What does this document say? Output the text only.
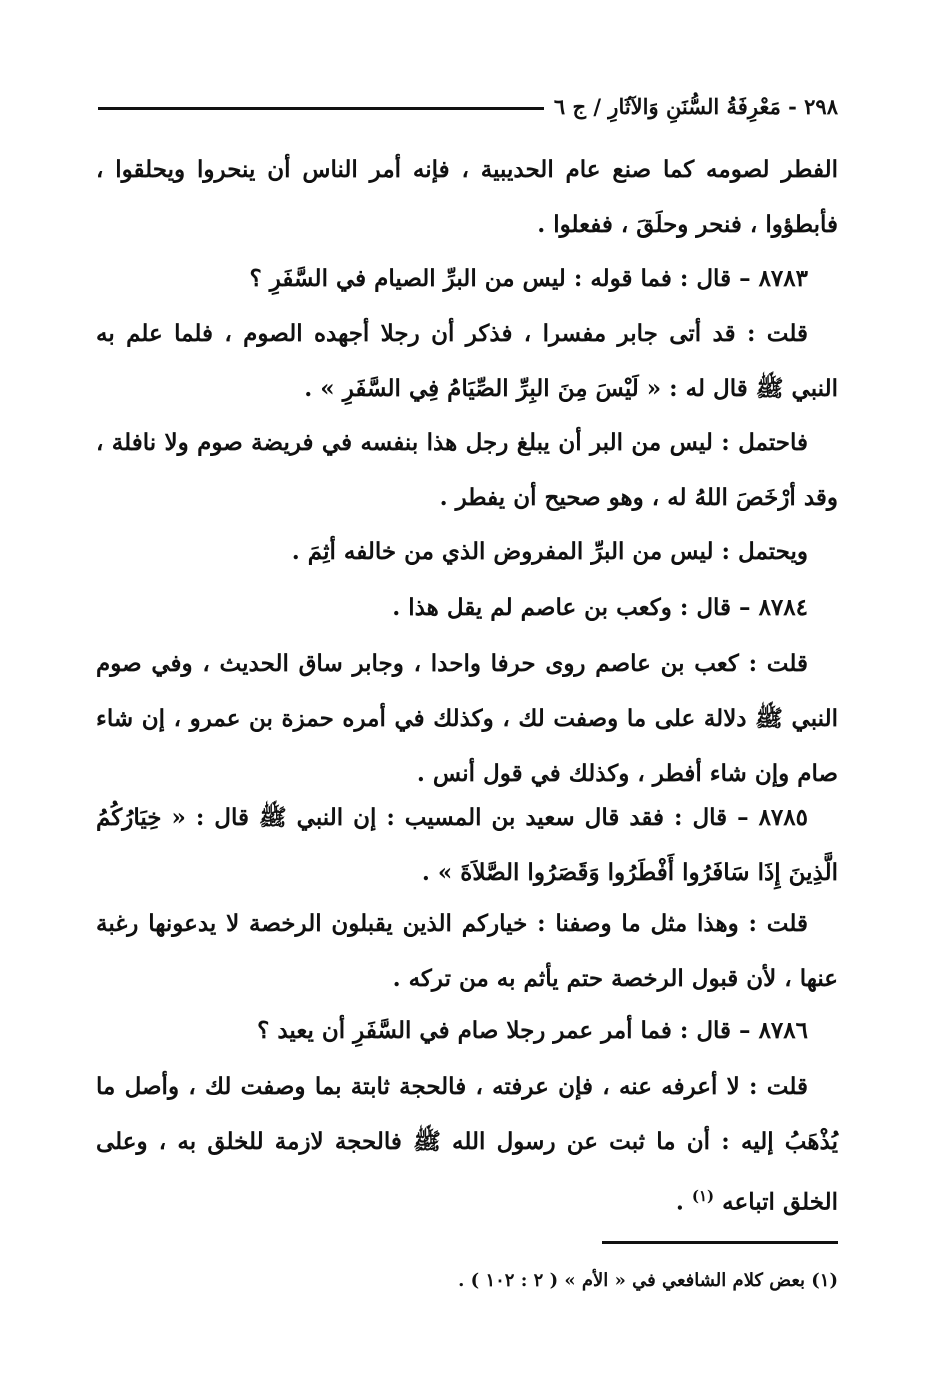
٢٩٨ - مَعْرِفَةُ السُّنَنِ وَالآثَارِ / ج ٦

الفطر لصومه كما صنع عام الحديبية ، فإنه أمر الناس أن ينحروا ويحلقوا ، فأبطؤوا ، فنحر وحلَقَ ، ففعلوا .

٨٧٨٣ – قال : فما قوله : ليس من البرِّ الصيام في السَّفَرِ ؟

قلت : قد أتى جابر مفسرا ، فذكر أن رجلا أجهده الصوم ، فلما علم به النبي ﷺ قال له : « لَيْسَ مِنَ البِرِّ الصِّيَامُ فِي السَّفَرِ » .

فاحتمل : ليس من البر أن يبلغ رجل هذا بنفسه في فريضة صوم ولا نافلة ، وقد أرْخَصَ اللهُ له ، وهو صحيح أن يفطر .

ويحتمل : ليس من البرِّ المفروض الذي من خالفه أثِمَ .

٨٧٨٤ – قال : وكعب بن عاصم لم يقل هذا .

قلت : كعب بن عاصم روى حرفا واحدا ، وجابر ساق الحديث ، وفي صوم النبي ﷺ دلالة على ما وصفت لك ، وكذلك في أمره حمزة بن عمرو ، إن شاء صام وإن شاء أفطر ، وكذلك في قول أنس .

٨٧٨٥ – قال : فقد قال سعيد بن المسيب : إن النبي ﷺ قال : « خِيَارُكُمُ الَّذِينَ إِذَا سَافَرُوا أَفْطَرُوا وَقَصَرُوا الصَّلاَةَ » .

قلت : وهذا مثل ما وصفنا : خياركم الذين يقبلون الرخصة لا يدعونها رغبة عنها ، لأن قبول الرخصة حتم يأثم به من تركه .

٨٧٨٦ – قال : فما أمر عمر رجلا صام في السَّفَرِ أن يعيد ؟

قلت : لا أعرفه عنه ، فإن عرفته ، فالحجة ثابتة بما وصفت لك ، وأصل ما يُذْهَبُ إليه : أن ما ثبت عن رسول الله ﷺ فالحجة لازمة للخلق به ، وعلى الخلق اتباعه $^{(١)}$ .

(١) بعض كلام الشافعي في « الأم » ( ٢ : ١٠٢ ) .
